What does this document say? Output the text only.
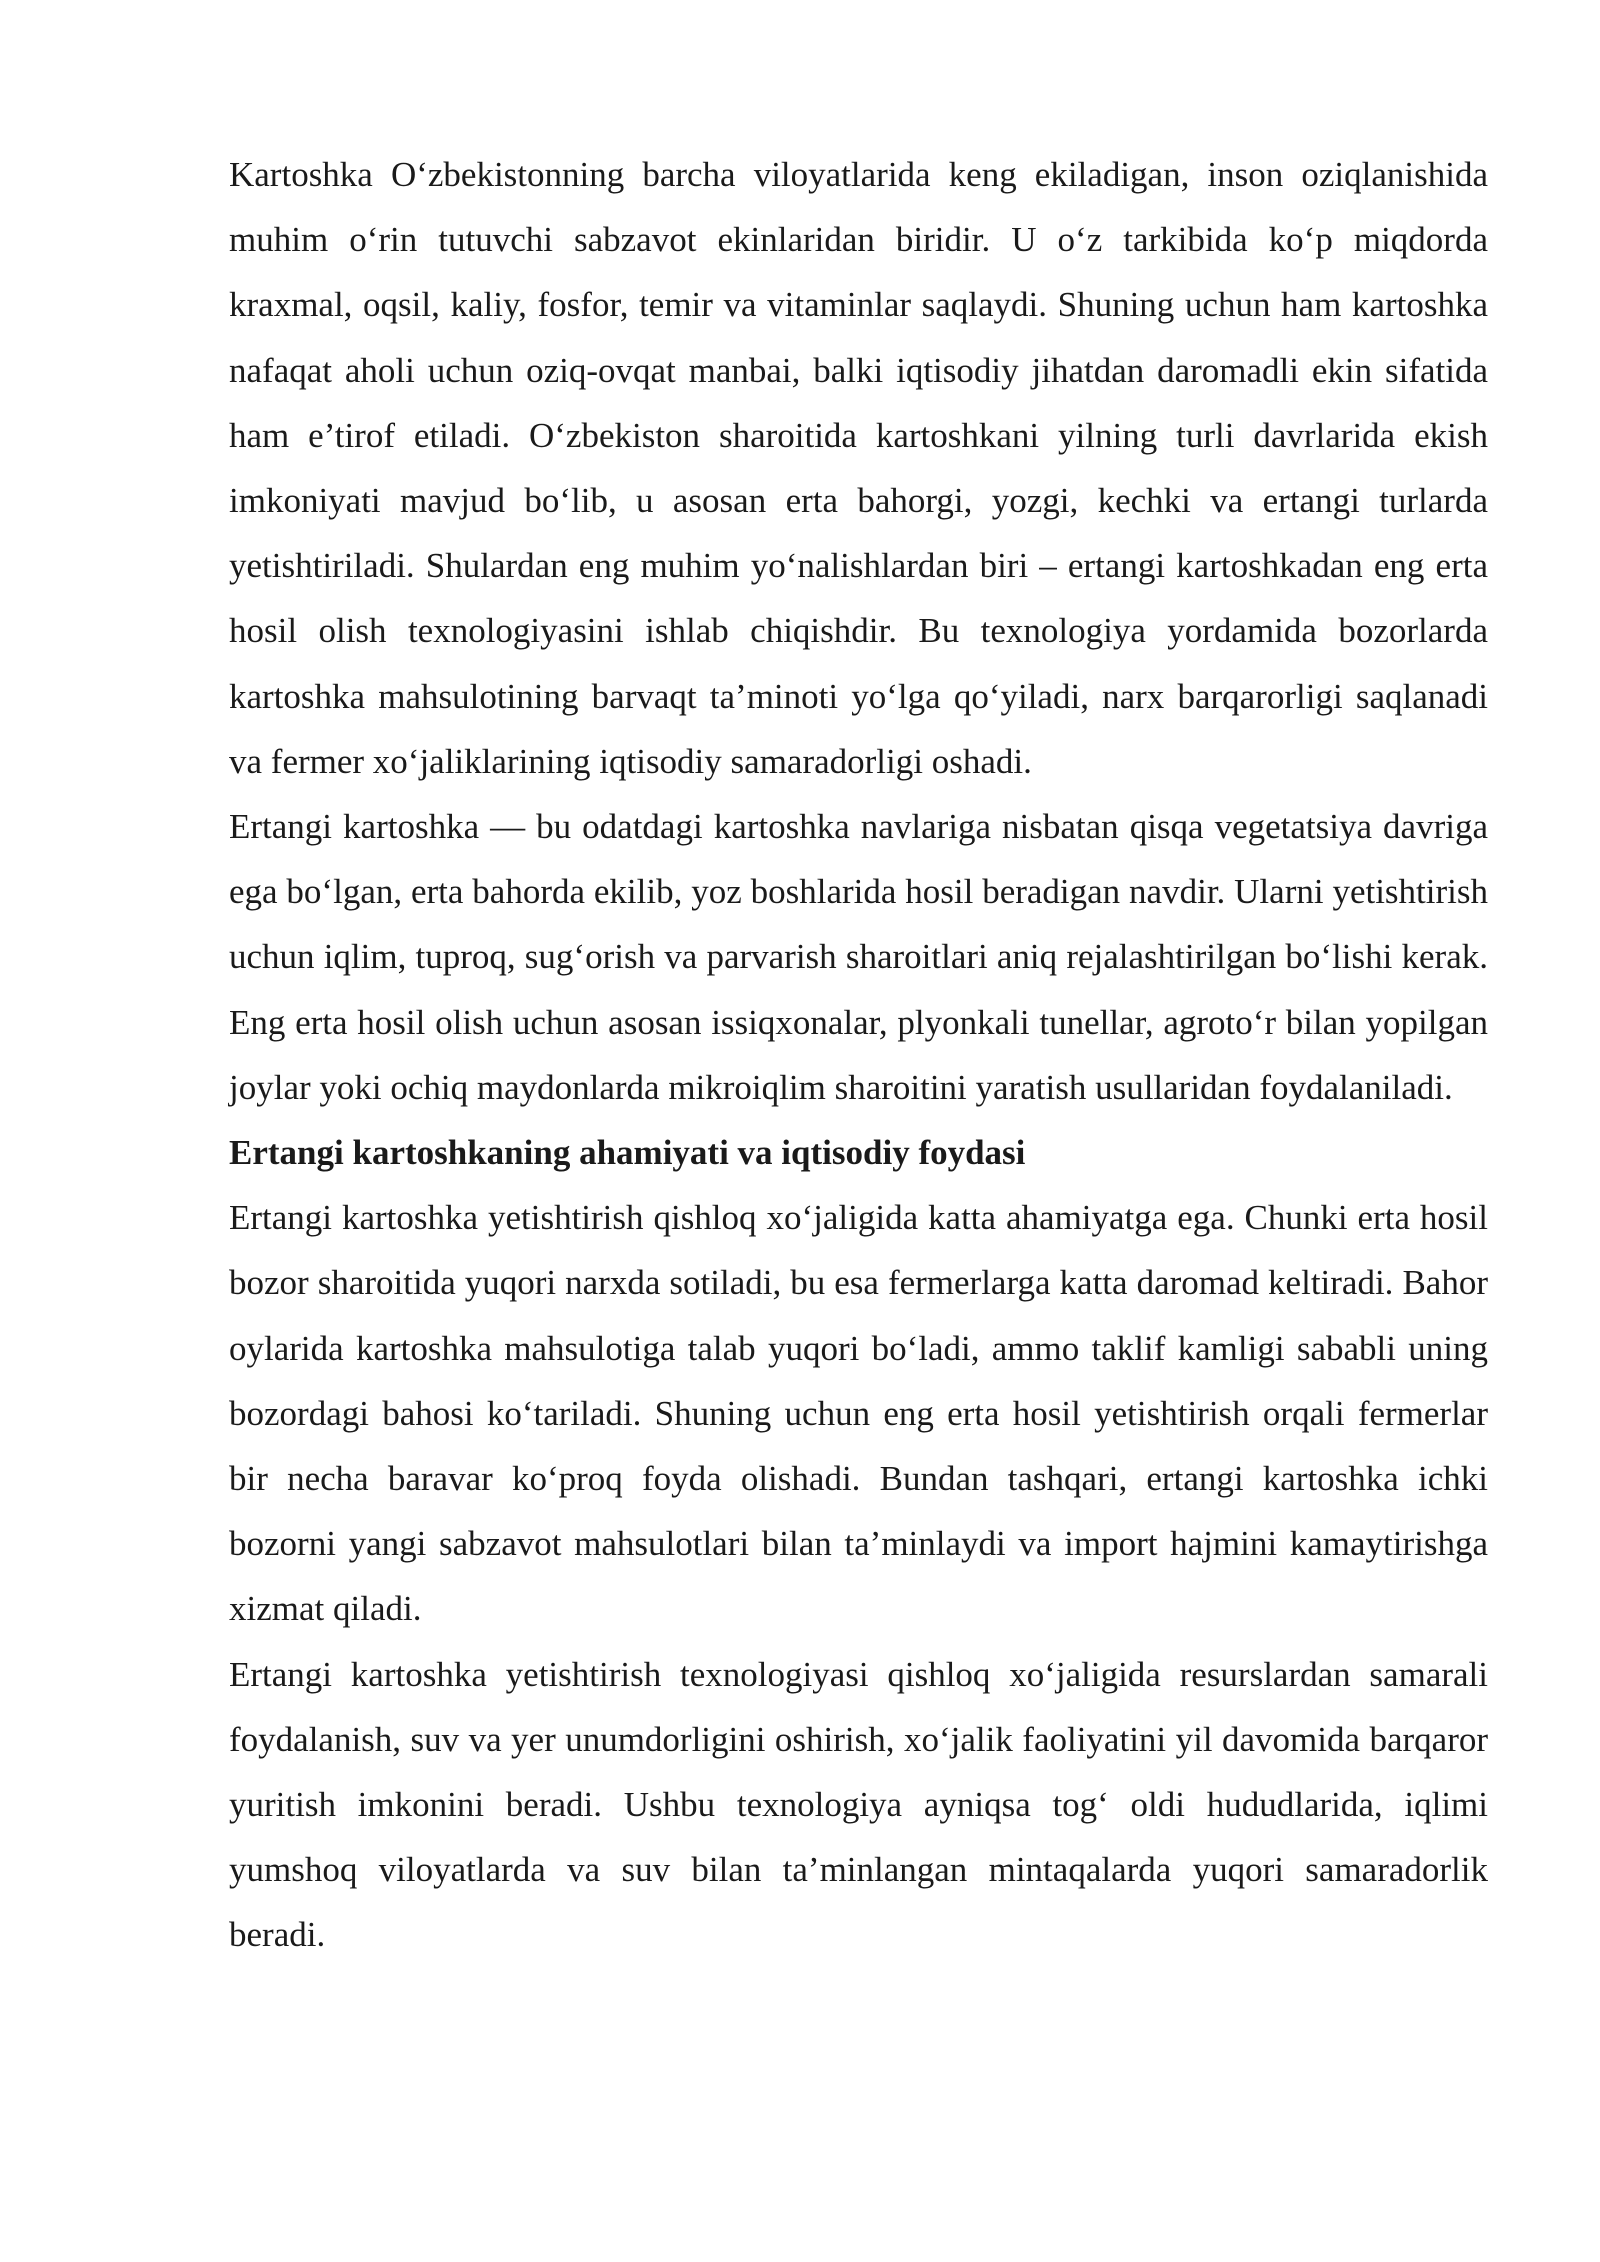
Kartoshka O‘zbekistonning barcha viloyatlarida keng ekiladigan, inson oziqlanishida muhim o‘rin tutuvchi sabzavot ekinlaridan biridir. U o‘z tarkibida ko‘p miqdorda kraxmal, oqsil, kaliy, fosfor, temir va vitaminlar saqlaydi. Shuning uchun ham kartoshka nafaqat aholi uchun oziq-ovqat manbai, balki iqtisodiy jihatdan daromadli ekin sifatida ham e’tirof etiladi. O‘zbekiston sharoitida kartoshkani yilning turli davrlarida ekish imkoniyati mavjud bo‘lib, u asosan erta bahorgi, yozgi, kechki va ertangi turlarda yetishtiriladi. Shulardan eng muhim yo‘nalishlardan biri – ertangi kartoshkadan eng erta hosil olish texnologiyasini ishlab chiqishdir. Bu texnologiya yordamida bozorlarda kartoshka mahsulotining barvaqt ta’minoti yo‘lga qo‘yiladi, narx barqarorligi saqlanadi va fermer xo‘jaliklarining iqtisodiy samaradorligi oshadi.

Ertangi kartoshka — bu odatdagi kartoshka navlariga nisbatan qisqa vegetatsiya davriga ega bo‘lgan, erta bahorda ekilib, yoz boshlarida hosil beradigan navdir. Ularni yetishtirish uchun iqlim, tuproq, sug‘orish va parvarish sharoitlari aniq rejalashtirilgan bo‘lishi kerak. Eng erta hosil olish uchun asosan issiqxonalar, plyonkali tunellar, agroto‘r bilan yopilgan joylar yoki ochiq maydonlarda mikroiqlim sharoitini yaratish usullaridan foydalaniladi.

Ertangi kartoshkaning ahamiyati va iqtisodiy foydasi

Ertangi kartoshka yetishtirish qishloq xo‘jaligida katta ahamiyatga ega. Chunki erta hosil bozor sharoitida yuqori narxda sotiladi, bu esa fermerlarga katta daromad keltiradi. Bahor oylarida kartoshka mahsulotiga talab yuqori bo‘ladi, ammo taklif kamligi sababli uning bozordagi bahosi ko‘tariladi. Shuning uchun eng erta hosil yetishtirish orqali fermerlar bir necha baravar ko‘proq foyda olishadi. Bundan tashqari, ertangi kartoshka ichki bozorni yangi sabzavot mahsulotlari bilan ta’minlaydi va import hajmini kamaytirishga xizmat qiladi.

Ertangi kartoshka yetishtirish texnologiyasi qishloq xo‘jaligida resurslardan samarali foydalanish, suv va yer unumdorligini oshirish, xo‘jalik faoliyatini yil davomida barqaror yuritish imkonini beradi. Ushbu texnologiya ayniqsa tog‘ oldi hududlarida, iqlimi yumshoq viloyatlarda va suv bilan ta’minlangan mintaqalarda yuqori samaradorlik beradi.
